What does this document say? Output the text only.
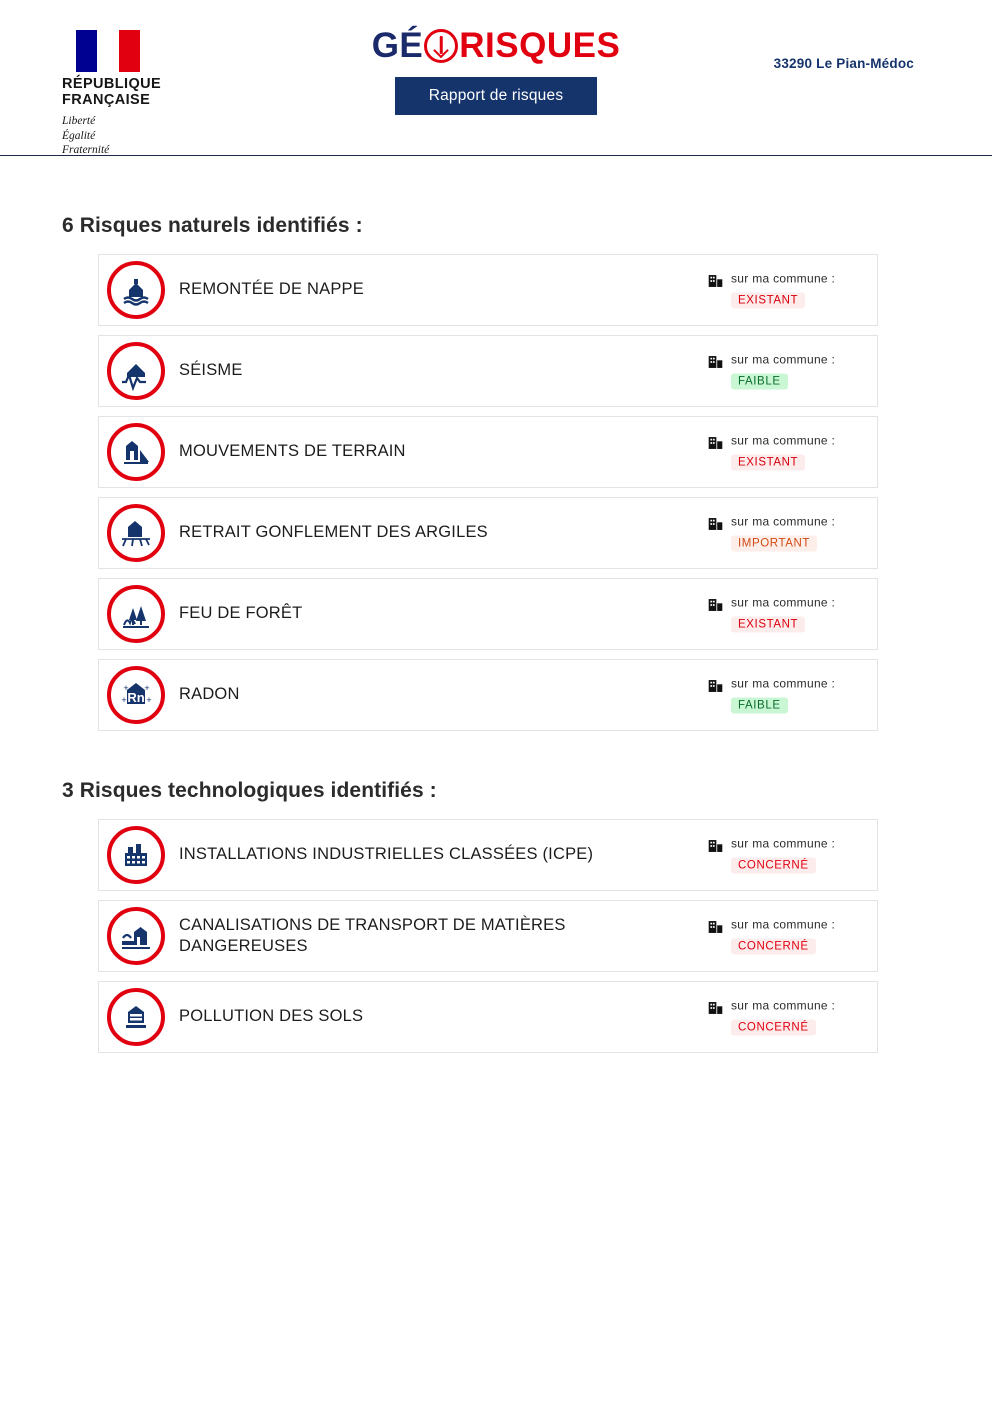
RÉPUBLIQUE
FRANÇAISE
Liberté
Égalité
Fraternité
GÉ RISQUES
Rapport de risques
33290 Le Pian-Médoc
6 Risques naturels identifiés :
REMONTÉE DE NAPPE
sur ma commune :
EXISTANT
SÉISME
sur ma commune :
FAIBLE
MOUVEMENTS DE TERRAIN
sur ma commune :
EXISTANT
RETRAIT GONFLEMENT DES ARGILES
sur ma commune :
IMPORTANT
FEU DE FORÊT
sur ma commune :
EXISTANT
Rn
+ +
+ + RADON
sur ma commune :
FAIBLE
3 Risques technologiques identifiés :
INSTALLATIONS INDUSTRIELLES CLASSÉES (ICPE)
sur ma commune :
CONCERNÉ
CANALISATIONS DE TRANSPORT DE MATIÈRES DANGEREUSES
sur ma commune :
CONCERNÉ
POLLUTION DES SOLS
sur ma commune :
CONCERNÉ
